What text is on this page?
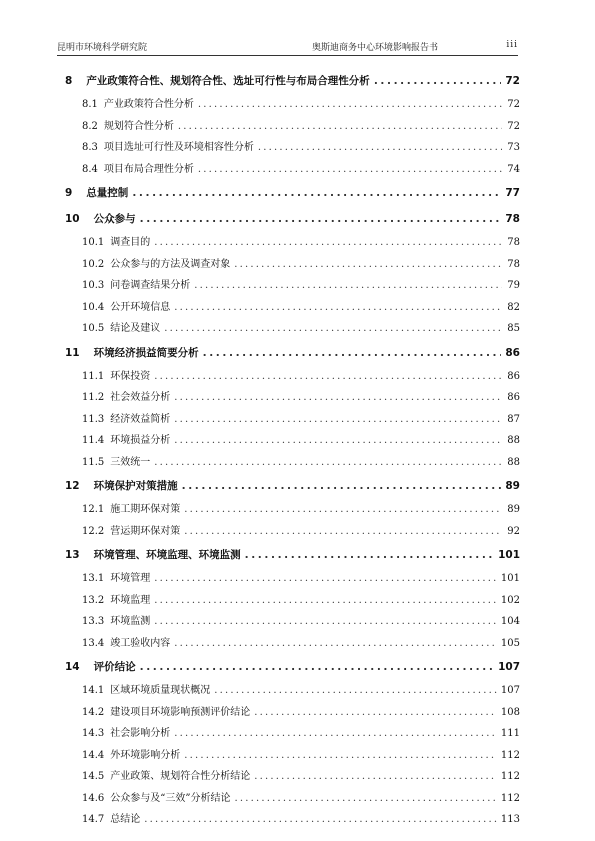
昆明市环境科学研究院	奥斯迪商务中心环境影响报告书	iii
8 产业政策符合性、规划符合性、选址可行性与布局合理性分析 .....	72
8.1 产业政策符合性分析 .....	72
8.2 规划符合性分析 .....	72
8.3 项目选址可行性及环境相容性分析 .....	73
8.4 项目布局合理性分析 .....	74
9 总量控制 .....	77
10 公众参与 .....	78
10.1 调查目的 .....	78
10.2 公众参与的方法及调查对象 .....	78
10.3 问卷调查结果分析 .....	79
10.4 公开环境信息 .....	82
10.5 结论及建议 .....	85
11 环境经济损益简要分析 .....	86
11.1 环保投资 .....	86
11.2 社会效益分析 .....	86
11.3 经济效益简析 .....	87
11.4 环境损益分析 .....	88
11.5 三效统一 .....	88
12 环境保护对策措施 .....	89
12.1 施工期环保对策 .....	89
12.2 营运期环保对策 .....	92
13 环境管理、环境监理、环境监测 .....	101
13.1 环境管理 .....	101
13.2 环境监理 .....	102
13.3 环境监测 .....	104
13.4 竣工验收内容 .....	105
14 评价结论 .....	107
14.1 区域环境质量现状概况 .....	107
14.2 建设项目环境影响预测评价结论 .....	108
14.3 社会影响分析 .....	111
14.4 外环境影响分析 .....	112
14.5 产业政策、规划符合性分析结论 .....	112
14.6 公众参与及“三效”分析结论 .....	112
14.7 总结论 .....	113
